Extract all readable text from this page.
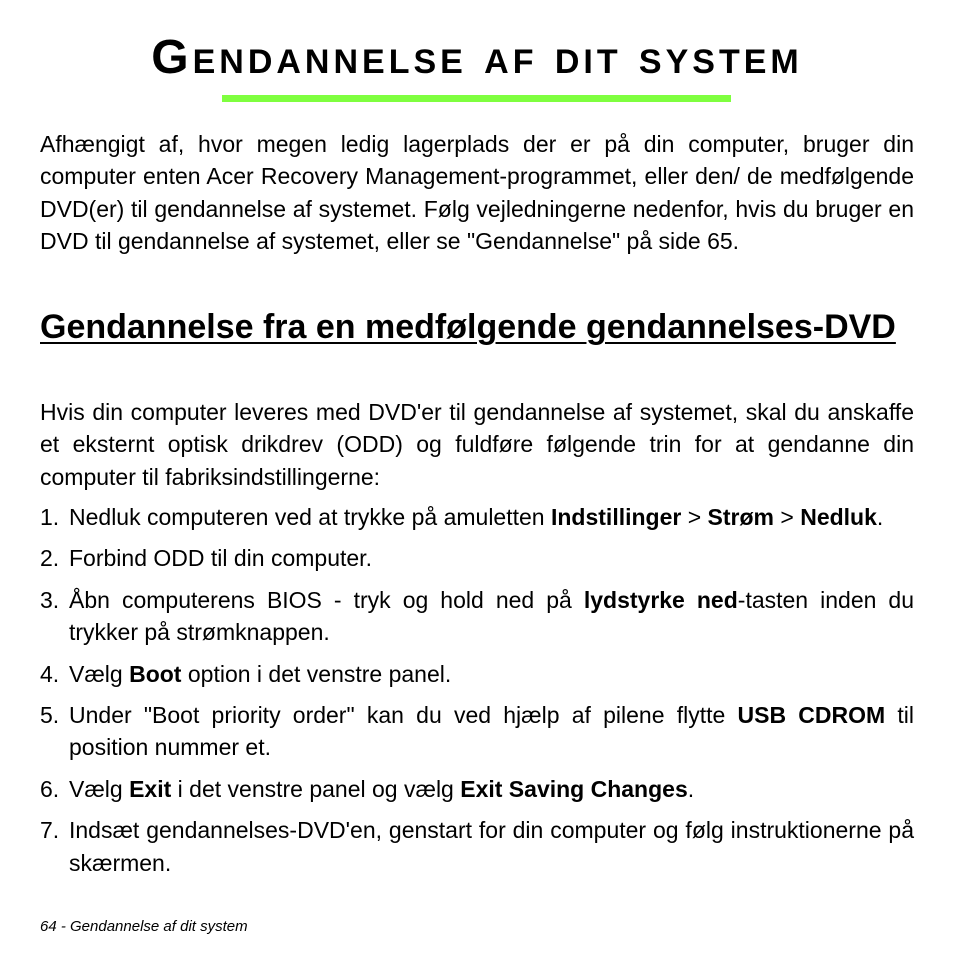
Gendannelse af dit system

Afhængigt af, hvor megen ledig lagerplads der er på din computer, bruger din computer enten Acer Recovery Management-programmet, eller den/ de medfølgende DVD(er) til gendannelse af systemet. Følg vejledningerne nedenfor, hvis du bruger en DVD til gendannelse af systemet, eller se "Gendannelse" på side 65.

Gendannelse fra en medfølgende gendannelses-DVD

Hvis din computer leveres med DVD'er til gendannelse af systemet, skal du anskaffe et eksternt optisk drikdrev (ODD) og fuldføre følgende trin for at gendanne din computer til fabriksindstillingerne:

1. Nedluk computeren ved at trykke på amuletten Indstillinger > Strøm > Nedluk.
2. Forbind ODD til din computer.
3. Åbn computerens BIOS - tryk og hold ned på lydstyrke ned-tasten inden du trykker på strømknappen.
4. Vælg Boot option i det venstre panel.
5. Under "Boot priority order" kan du ved hjælp af pilene flytte USB CDROM til position nummer et.
6. Vælg Exit i det venstre panel og vælg Exit Saving Changes.
7. Indsæt gendannelses-DVD'en, genstart for din computer og følg instruktionerne på skærmen.
64 - Gendannelse af dit system
